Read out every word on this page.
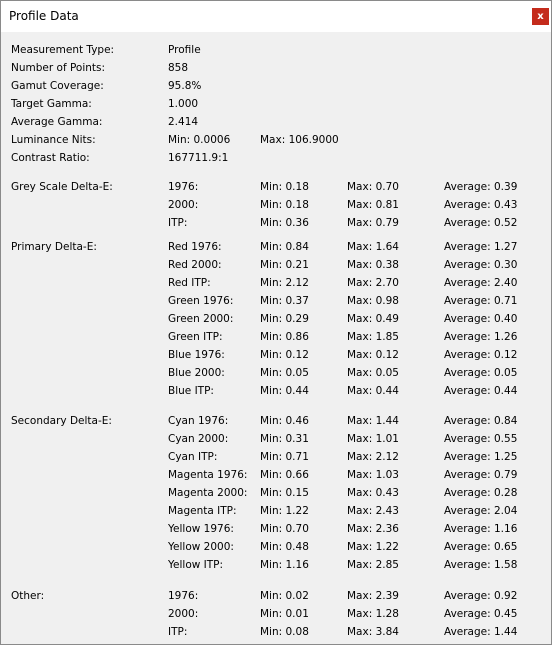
Profile Data	x
Measurement Type:	Profile
Number of Points:	858
Gamut Coverage:	95.8%
Target Gamma:	1.000
Average Gamma:	2.414
Luminance Nits:	Min: 0.0006	Max: 106.9000
Contrast Ratio:	167711.9:1
Grey Scale Delta-E:	1976:	Min: 0.18	Max: 0.70	Average: 0.39
2000:	Min: 0.18	Max: 0.81	Average: 0.43
ITP:	Min: 0.36	Max: 0.79	Average: 0.52
Primary Delta-E:	Red 1976:	Min: 0.84	Max: 1.64	Average: 1.27
Red 2000:	Min: 0.21	Max: 0.38	Average: 0.30
Red ITP:	Min: 2.12	Max: 2.70	Average: 2.40
Green 1976:	Min: 0.37	Max: 0.98	Average: 0.71
Green 2000:	Min: 0.29	Max: 0.49	Average: 0.40
Green ITP:	Min: 0.86	Max: 1.85	Average: 1.26
Blue 1976:	Min: 0.12	Max: 0.12	Average: 0.12
Blue 2000:	Min: 0.05	Max: 0.05	Average: 0.05
Blue ITP:	Min: 0.44	Max: 0.44	Average: 0.44
Secondary Delta-E:	Cyan 1976:	Min: 0.46	Max: 1.44	Average: 0.84
Cyan 2000:	Min: 0.31	Max: 1.01	Average: 0.55
Cyan ITP:	Min: 0.71	Max: 2.12	Average: 1.25
Magenta 1976: Min: 0.66	Max: 1.03	Average: 0.79
Magenta 2000: Min: 0.15	Max: 0.43	Average: 0.28
Magenta ITP: Min: 1.22	Max: 2.43	Average: 2.04
Yellow 1976: Min: 0.70	Max: 2.36	Average: 1.16
Yellow 2000: Min: 0.48	Max: 1.22	Average: 0.65
Yellow ITP:	Min: 1.16	Max: 2.85	Average: 1.58
Other:	1976:	Min: 0.02	Max: 2.39	Average: 0.92
2000:	Min: 0.01	Max: 1.28	Average: 0.45
ITP:	Min: 0.08	Max: 3.84	Average: 1.44
